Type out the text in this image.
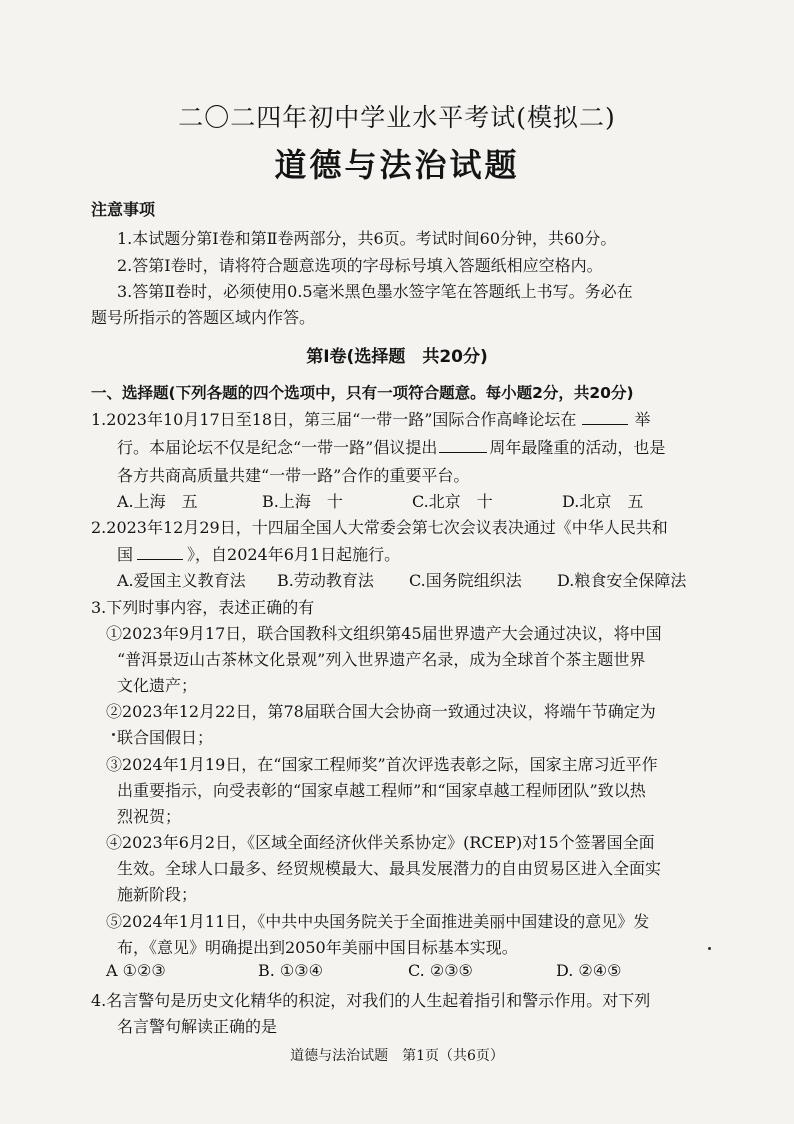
二〇二四年初中学业水平考试(模拟二)
道德与法治试题
注意事项
1.本试题分第Ⅰ卷和第Ⅱ卷两部分，共6页。考试时间60分钟，共60分。
2.答第Ⅰ卷时，请将符合题意选项的字母标号填入答题纸相应空格内。
3.答第Ⅱ卷时，必须使用0.5毫米黑色墨水签字笔在答题纸上书写。务必在
题号所指示的答题区域内作答。
第Ⅰ卷(选择题　共20分)
一、选择题(下列各题的四个选项中，只有一项符合题意。每小题2分，共20分)
1.2023年10月17日至18日，第三届“一带一路”国际合作高峰论坛在	举
行。本届论坛不仅是纪念“一带一路”倡议提出	周年最隆重的活动，也是
各方共商高质量共建“一带一路”合作的重要平台。
A.上海　五	B.上海　十	C.北京　十	D.北京　五
2.2023年12月29日，十四届全国人大常委会第七次会议表决通过《中华人民共和
国	》，自2024年6月1日起施行。
A.爱国主义教育法 B.劳动教育法 C.国务院组织法 D.粮食安全保障法
3.下列时事内容，表述正确的有
①2023年9月17日，联合国教科文组织第45届世界遗产大会通过决议，将中国
“普洱景迈山古茶林文化景观”列入世界遗产名录，成为全球首个茶主题世界
文化遗产；
②2023年12月22日，第78届联合国大会协商一致通过决议，将端午节确定为
联合国假日；
③2024年1月19日，在“国家工程师奖”首次评选表彰之际，国家主席习近平作
出重要指示，向受表彰的“国家卓越工程师”和“国家卓越工程师团队”致以热
烈祝贺；
④2023年6月2日，《区域全面经济伙伴关系协定》(RCEP)对15个签署国全面
生效。全球人口最多、经贸规模最大、最具发展潜力的自由贸易区进入全面实
施新阶段；
⑤2024年1月11日，《中共中央国务院关于全面推进美丽中国建设的意见》发
布，《意见》明确提出到2050年美丽中国目标基本实现。
A ①②③	B. ①③④	C. ②③⑤	D. ②④⑤
4.名言警句是历史文化精华的积淀，对我们的人生起着指引和警示作用。对下列
名言警句解读正确的是
道德与法治试题　第1页（共6页）
